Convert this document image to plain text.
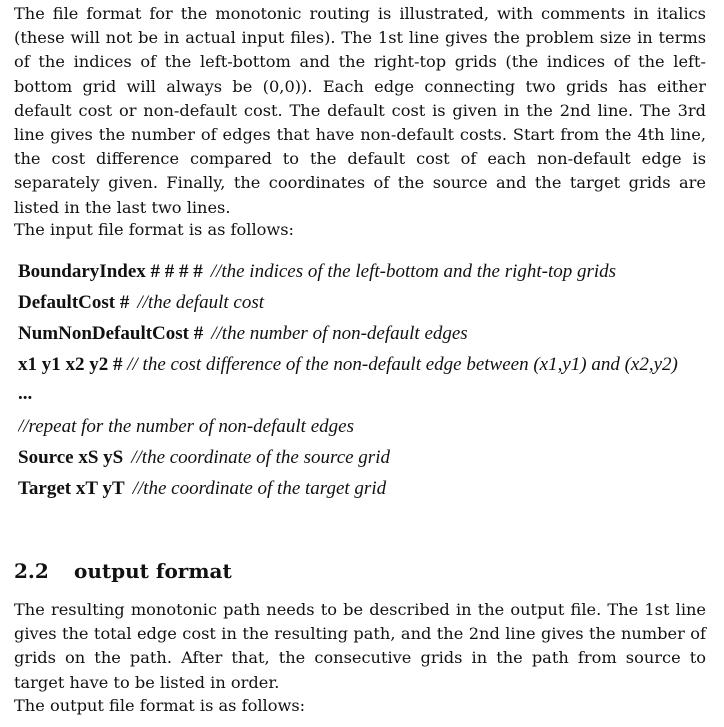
The file format for the monotonic routing is illustrated, with comments in italics (these will not be in actual input files). The 1st line gives the problem size in terms of the indices of the left-bottom and the right-top grids (the indices of the left-bottom grid will always be (0,0)). Each edge connecting two grids has either default cost or non-default cost. The default cost is given in the 2nd line. The 3rd line gives the number of edges that have non-default costs. Start from the 4th line, the cost difference compared to the default cost of each non-default edge is separately given. Finally, the coordinates of the source and the target grids are listed in the last two lines.

The input file format is as follows:

BoundaryIndex # # # # //the indices of the left-bottom and the right-top grids
DefaultCost # //the default cost
NumNonDefaultCost # //the number of non-default edges
x1 y1 x2 y2 # // the cost difference of the non-default edge between (x1,y1) and (x2,y2)
...
//repeat for the number of non-default edges
Source xS yS //the coordinate of the source grid
Target xT yT //the coordinate of the target grid
2.2 output format

The resulting monotonic path needs to be described in the output file. The 1st line gives the total edge cost in the resulting path, and the 2nd line gives the number of grids on the path. After that, the consecutive grids in the path from source to target have to be listed in order.

The output file format is as follows:
